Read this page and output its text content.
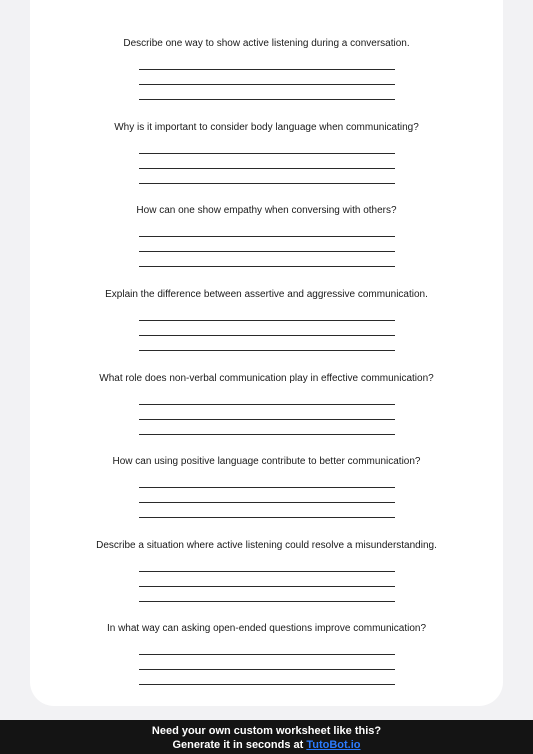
Describe one way to show active listening during a conversation.

Why is it important to consider body language when communicating?

How can one show empathy when conversing with others?

Explain the difference between assertive and aggressive communication.

What role does non-verbal communication play in effective communication?

How can using positive language contribute to better communication?

Describe a situation where active listening could resolve a misunderstanding.

In what way can asking open-ended questions improve communication?

Need your own custom worksheet like this?
Generate it in seconds at TutoBot.io
